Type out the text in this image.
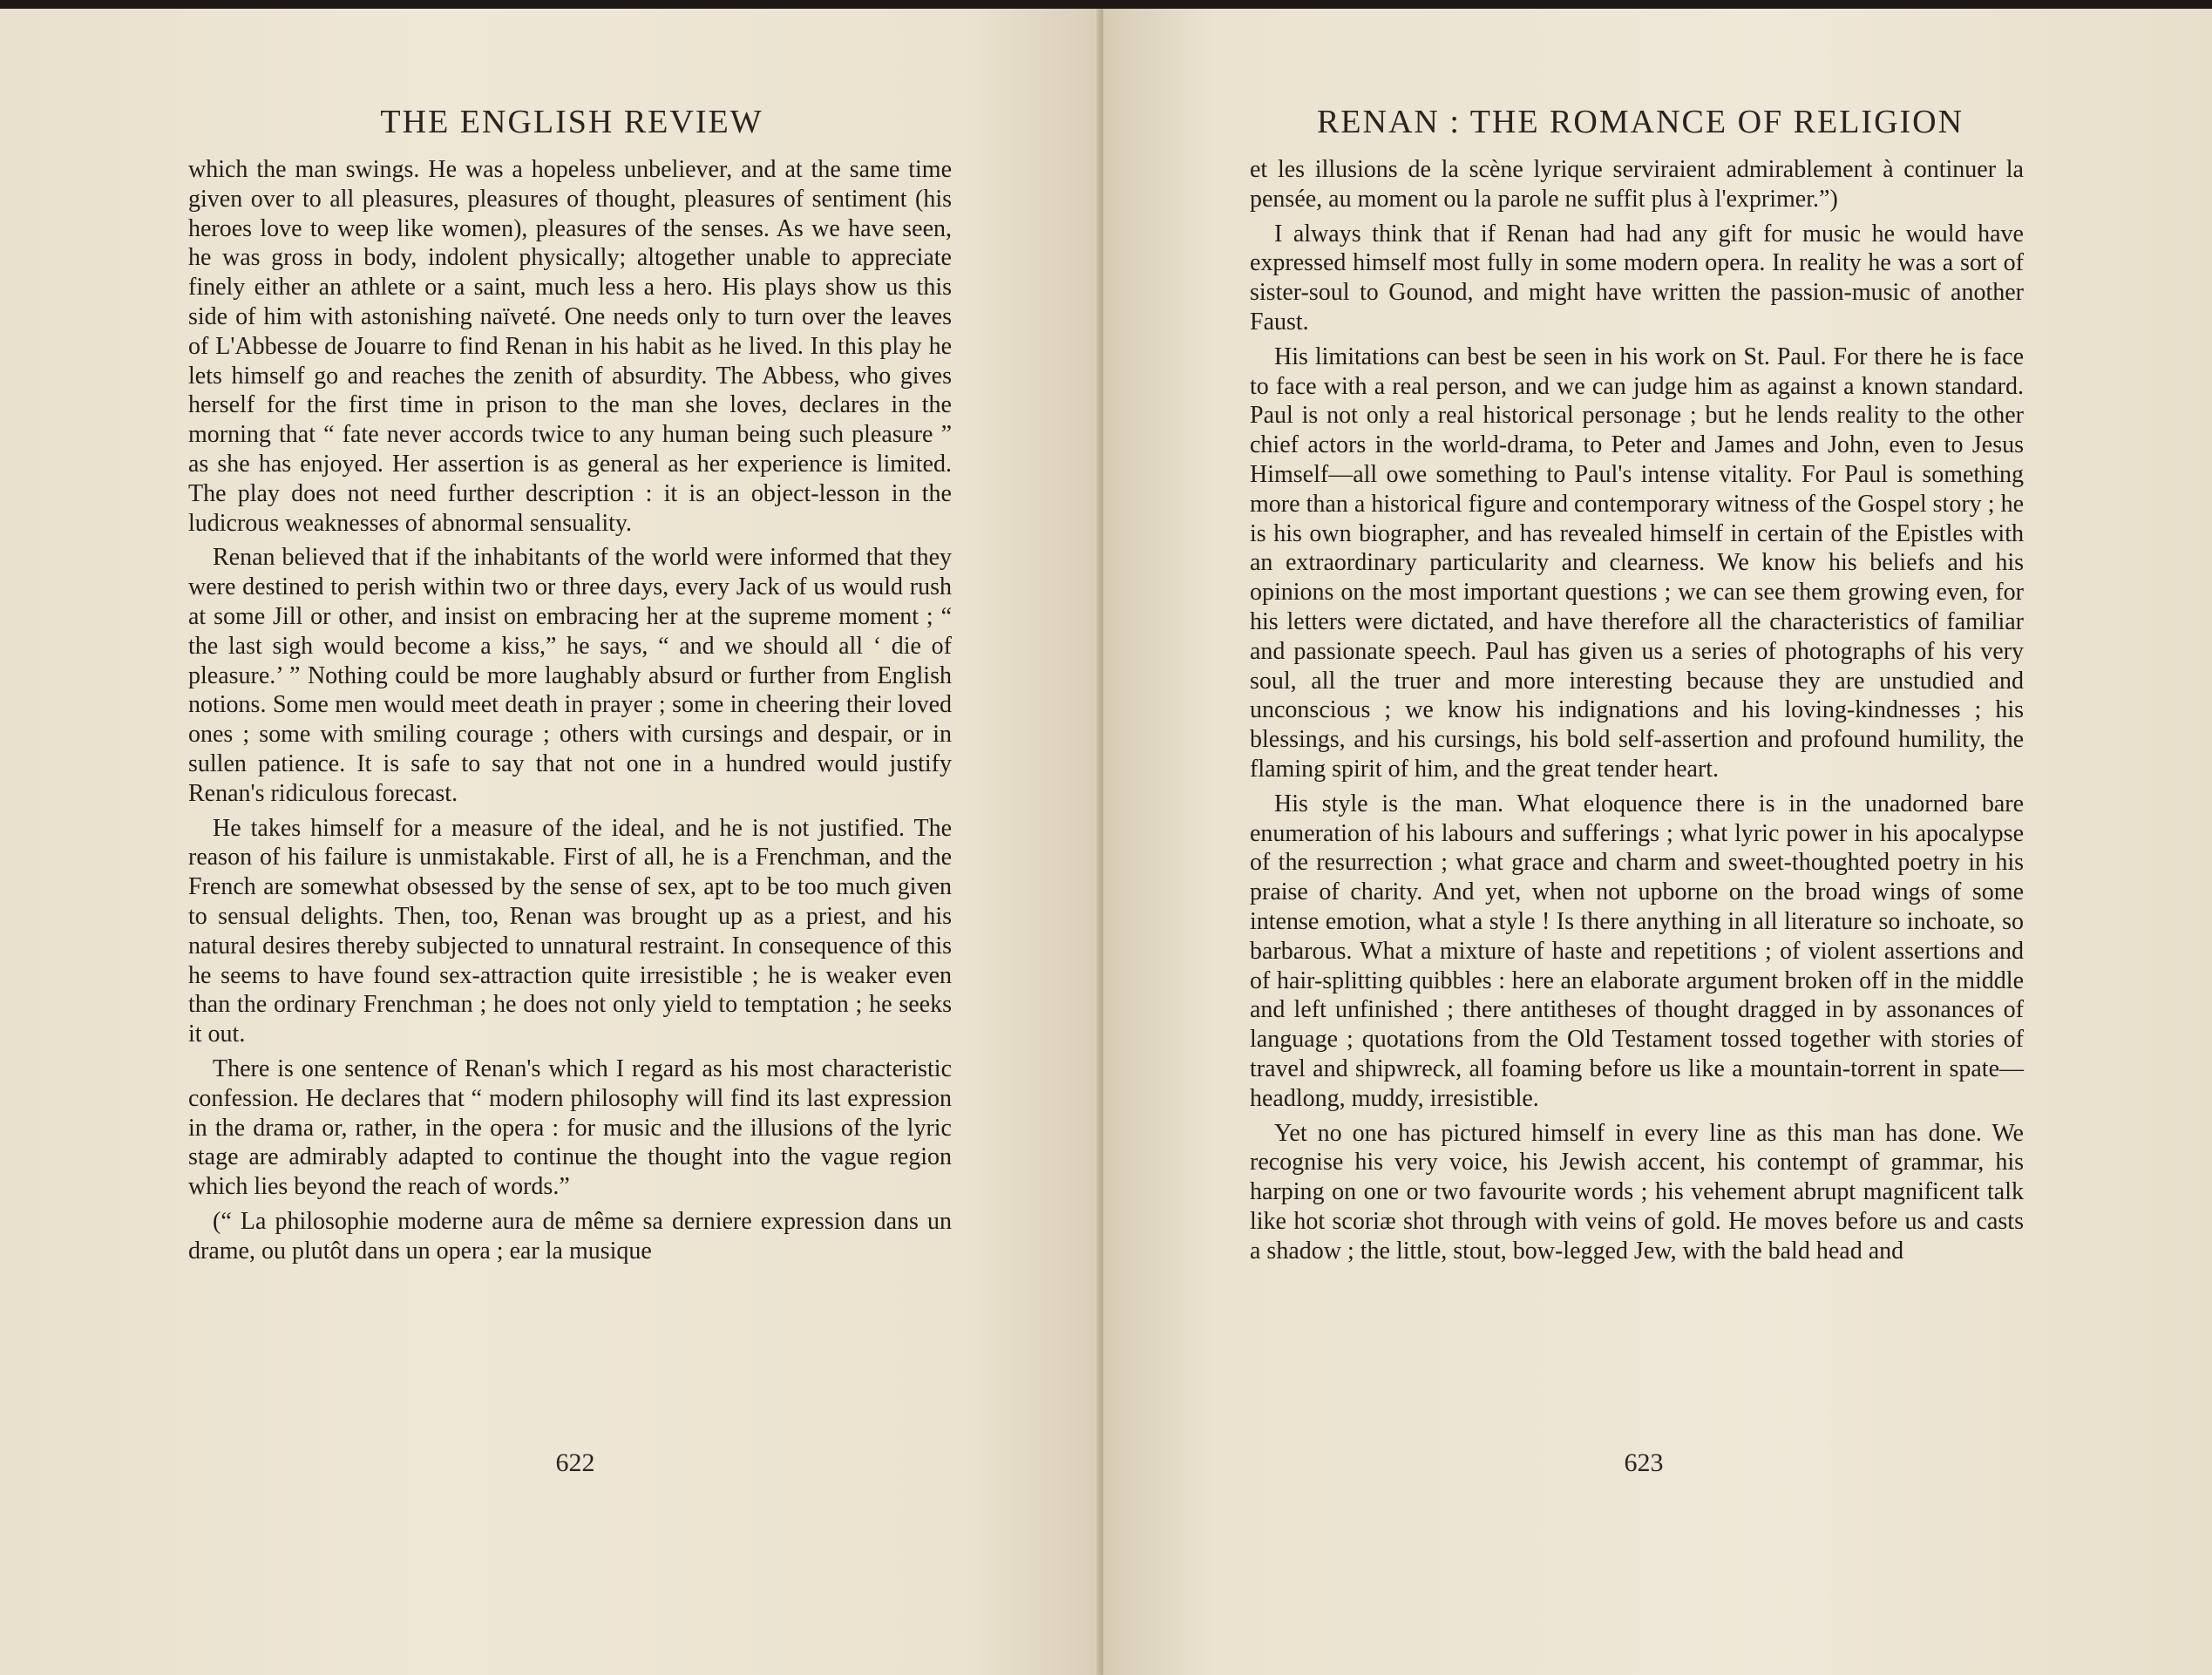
THE ENGLISH REVIEW

which the man swings. He was a hopeless unbeliever, and at the same time given over to all pleasures, pleasures of thought, pleasures of sentiment (his heroes love to weep like women), pleasures of the senses. As we have seen, he was gross in body, indolent physically; altogether unable to appreciate finely either an athlete or a saint, much less a hero. His plays show us this side of him with astonishing naïveté. One needs only to turn over the leaves of L'Abbesse de Jouarre to find Renan in his habit as he lived. In this play he lets himself go and reaches the zenith of absurdity. The Abbess, who gives herself for the first time in prison to the man she loves, declares in the morning that “ fate never accords twice to any human being such pleasure ” as she has enjoyed. Her assertion is as general as her experience is limited. The play does not need further description : it is an object-lesson in the ludicrous weaknesses of abnormal sensuality.

Renan believed that if the inhabitants of the world were informed that they were destined to perish within two or three days, every Jack of us would rush at some Jill or other, and insist on embracing her at the supreme moment ; “ the last sigh would become a kiss,” he says, “ and we should all ‘ die of pleasure.’ ” Nothing could be more laughably absurd or further from English notions. Some men would meet death in prayer ; some in cheering their loved ones ; some with smiling courage ; others with cursings and despair, or in sullen patience. It is safe to say that not one in a hundred would justify Renan's ridiculous forecast.

He takes himself for a measure of the ideal, and he is not justified. The reason of his failure is unmistakable. First of all, he is a Frenchman, and the French are somewhat obsessed by the sense of sex, apt to be too much given to sensual delights. Then, too, Renan was brought up as a priest, and his natural desires thereby subjected to unnatural restraint. In consequence of this he seems to have found sex-attraction quite irresistible ; he is weaker even than the ordinary Frenchman ; he does not only yield to temptation ; he seeks it out.

There is one sentence of Renan's which I regard as his most characteristic confession. He declares that “ modern philosophy will find its last expression in the drama or, rather, in the opera : for music and the illusions of the lyric stage are admirably adapted to continue the thought into the vague region which lies beyond the reach of words.”

(“ La philosophie moderne aura de même sa derniere expression dans un drame, ou plutôt dans un opera ; ear la musique

622
RENAN : THE ROMANCE OF RELIGION

et les illusions de la scène lyrique serviraient admirablement à continuer la pensée, au moment ou la parole ne suffit plus à l'exprimer.”)

I always think that if Renan had had any gift for music he would have expressed himself most fully in some modern opera. In reality he was a sort of sister-soul to Gounod, and might have written the passion-music of another Faust.

His limitations can best be seen in his work on St. Paul. For there he is face to face with a real person, and we can judge him as against a known standard. Paul is not only a real historical personage ; but he lends reality to the other chief actors in the world-drama, to Peter and James and John, even to Jesus Himself—all owe something to Paul's intense vitality. For Paul is something more than a historical figure and contemporary witness of the Gospel story ; he is his own biographer, and has revealed himself in certain of the Epistles with an extraordinary particularity and clearness. We know his beliefs and his opinions on the most important questions ; we can see them growing even, for his letters were dictated, and have therefore all the characteristics of familiar and passionate speech. Paul has given us a series of photographs of his very soul, all the truer and more interesting because they are unstudied and unconscious ; we know his indignations and his loving-kindnesses ; his blessings, and his cursings, his bold self-assertion and profound humility, the flaming spirit of him, and the great tender heart.

His style is the man. What eloquence there is in the unadorned bare enumeration of his labours and sufferings ; what lyric power in his apocalypse of the resurrection ; what grace and charm and sweet-thoughted poetry in his praise of charity. And yet, when not upborne on the broad wings of some intense emotion, what a style ! Is there anything in all literature so inchoate, so barbarous. What a mixture of haste and repetitions ; of violent assertions and of hair-splitting quibbles : here an elaborate argument broken off in the middle and left unfinished ; there antitheses of thought dragged in by assonances of language ; quotations from the Old Testament tossed together with stories of travel and shipwreck, all foaming before us like a mountain-torrent in spate—headlong, muddy, irresistible.

Yet no one has pictured himself in every line as this man has done. We recognise his very voice, his Jewish accent, his contempt of grammar, his harping on one or two favourite words ; his vehement abrupt magnificent talk like hot scoriæ shot through with veins of gold. He moves before us and casts a shadow ; the little, stout, bow-legged Jew, with the bald head and

623
